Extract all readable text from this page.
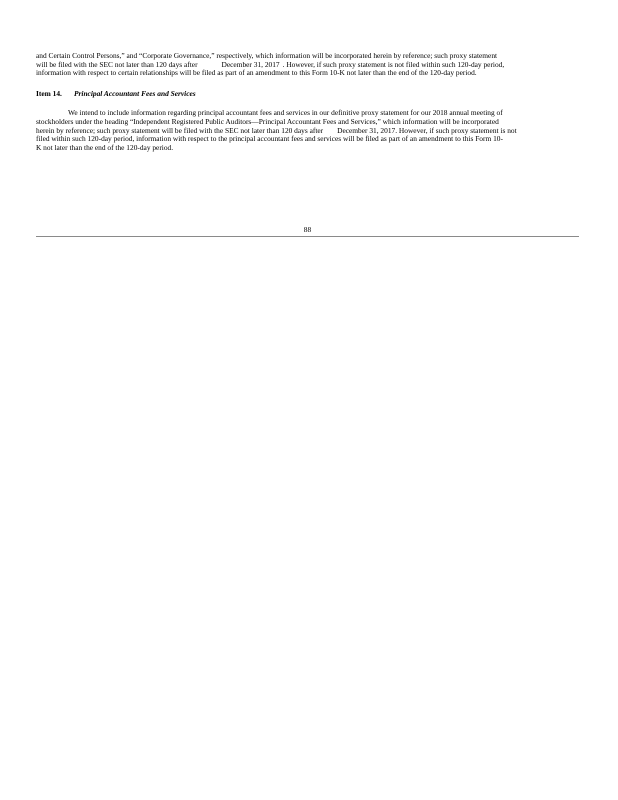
and Certain Control Persons,” and “Corporate Governance,” respectively, which information will be incorporated herein by reference; such proxy statement
will be filed with the SEC not later than 120 days after	December 31, 2017 . However, if such proxy statement is not filed within such 120-day period,
information with respect to certain relationships will be filed as part of an amendment to this Form 10-K not later than the end of the 120-day period.

Item 14. Principal Accountant Fees and Services

We intend to include information regarding principal accountant fees and services in our definitive proxy statement for our 2018 annual meeting of
stockholders under the heading “Independent Registered Public Auditors—Principal Accountant Fees and Services,” which information will be incorporated
herein by reference; such proxy statement will be filed with the SEC not later than 120 days after December 31, 2017. However, if such proxy statement is not
filed within such 120-day period, information with respect to the principal accountant fees and services will be filed as part of an amendment to this Form 10-
K not later than the end of the 120-day period.

88
